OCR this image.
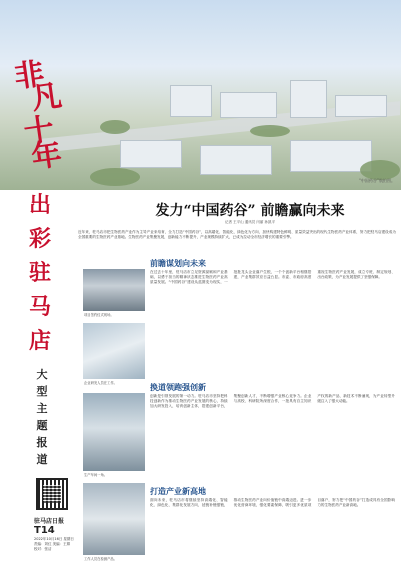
“中国药谷”航拍图。
非
凡
十
年
出
彩
驻
马
店
大
型
主
题
报
道
驻马店日报
T14
2022年10月16日 星期日 责编：刘红 美编：王婧 校对：张洁
发力“中国药谷” 前瞻赢向未来
记者 王平山 通讯员 闫丽 孙凯平
近年来，驻马店市把生物医药产业作为主导产业来培育，全力打造“中国药谷”，以高端化、智能化、绿色化为方向，加快构建特色鲜明、质量效益突出的现代生物医药产业体系，努力把驻马店建设成为全国重要的生物医药产业基地。生物医药产业集聚发展，创新能力不断提升，产业规模持续扩大，已成为拉动全市经济增长的重要引擎。
前瞻谋划向未来
项目签约仪式现场。
在过去十年里，驻马店市立足资源禄赋和产业基础，以勇于担当的精神状态推进生物医药产业高质量发展。“中国药谷”建设从蓝图变为现实，一批批龙头企业落户生根，一个个创新平台相继搭建，产业集群效应日益凸显。市委、市政府高度重视生物医药产业发展，成立专班、制定规划、出台政策，为产业发展提供了坚强保障。
换道领跑强创新
企业研发人员在工作。
生产车间一角。
创新是引领发展的第一动力。驻马店市坚持把科技创新作为推动生物医药产业发展的核心，持续加大研发投入，培育创新主体，搭建创新平台，集聚创新人才，不断增强产业核心竞争力。企业与高校、科研院所深度合作，一批具有自主知识产权的新产品、新技术不断涌现，为产业转型升级注入了强大动能。
打造产业新高地
工作人员在检测产品。
面向未来，驻马店市将继续坚持高端化、智能化、绿色化、集群化发展方向，延链补链强链，推动生物医药产业向价值链中高端迈进。进一步优化营商环境，强化要素保障，吸引更多优质项目落户，努力把“中国药谷”打造成具有全国影响力的生物医药产业新高地。
